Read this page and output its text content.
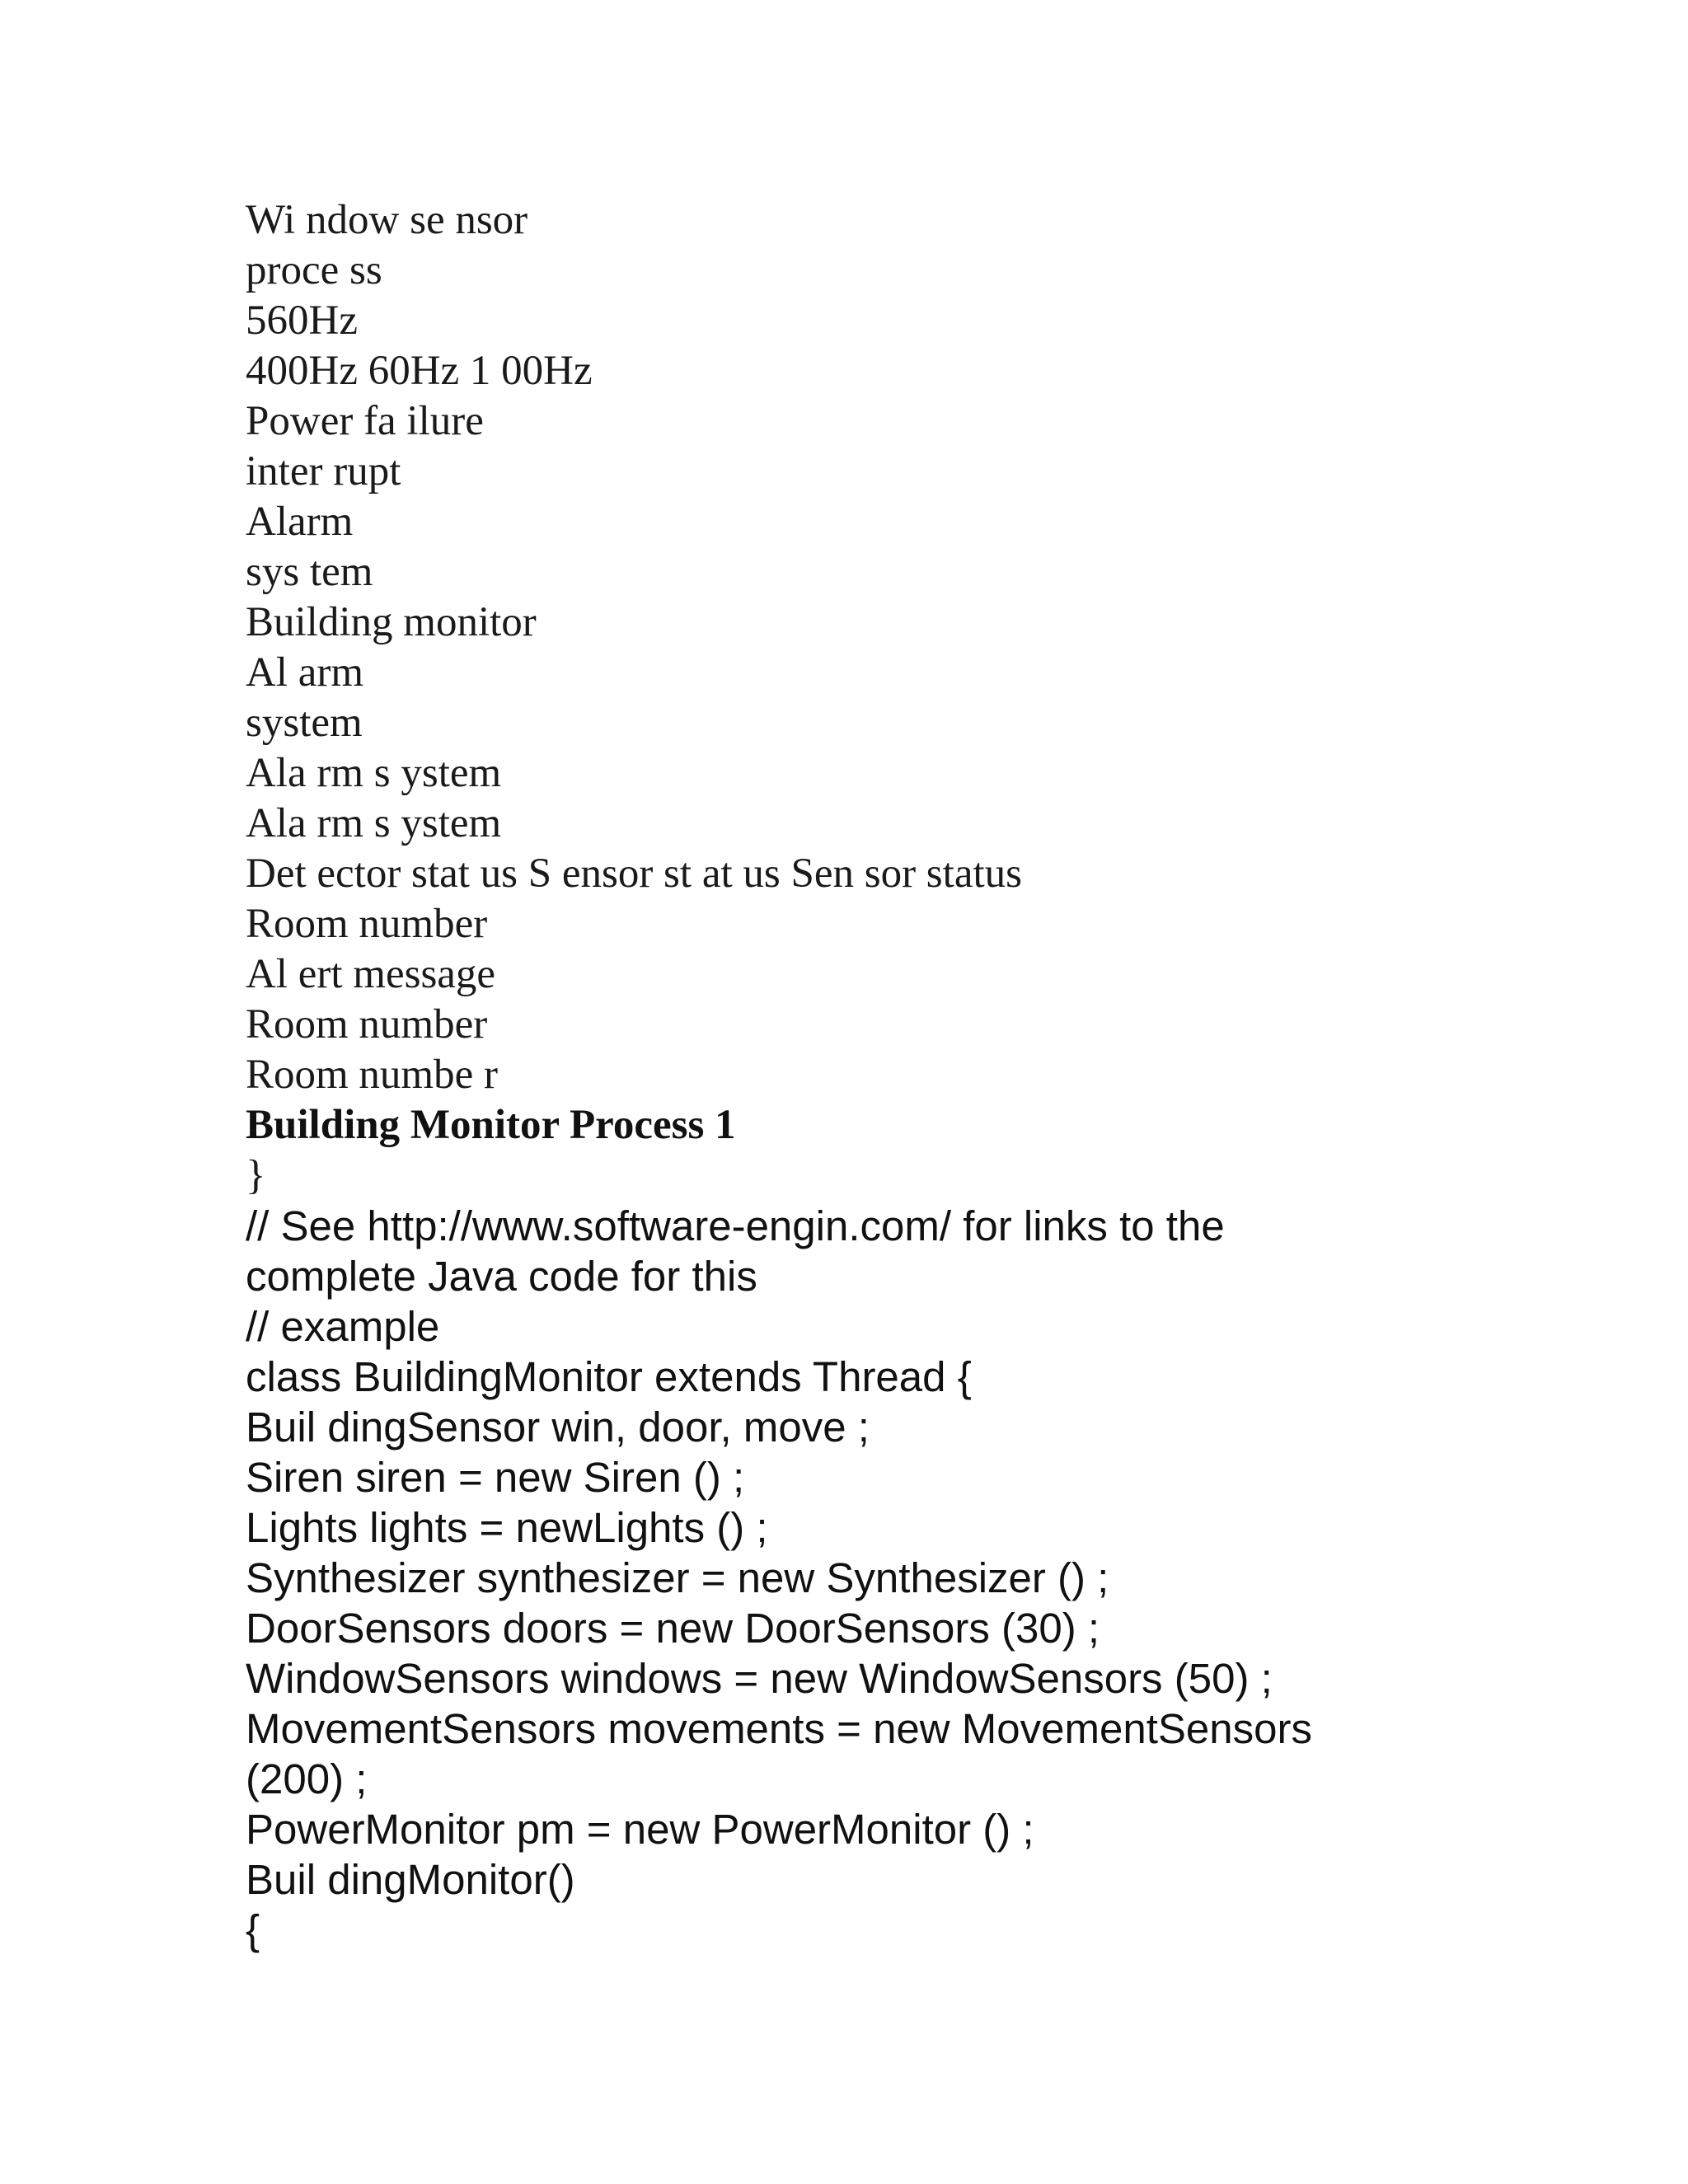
Wi ndow se nsor
proce ss
560Hz
400Hz 60Hz 1 00Hz
Power fa ilure
inter rupt
Alarm
sys tem
Building monitor
Al arm
system
Ala rm s ystem
Ala rm s ystem
Det ector stat us S ensor st at us Sen sor status
Room number
Al ert message
Room number
Room numbe r
Building Monitor Process 1
}
// See http://www.software-engin.com/ for links to the
complete Java code for this
// example
class BuildingMonitor extends Thread {
Buil dingSensor win, door, move ;
Siren siren = new Siren () ;
Lights lights = newLights () ;
Synthesizer synthesizer = new Synthesizer () ;
DoorSensors doors = new DoorSensors (30) ;
WindowSensors windows = new WindowSensors (50) ;
MovementSensors movements = new MovementSensors
(200) ;
PowerMonitor pm = new PowerMonitor () ;
Buil dingMonitor()
{
